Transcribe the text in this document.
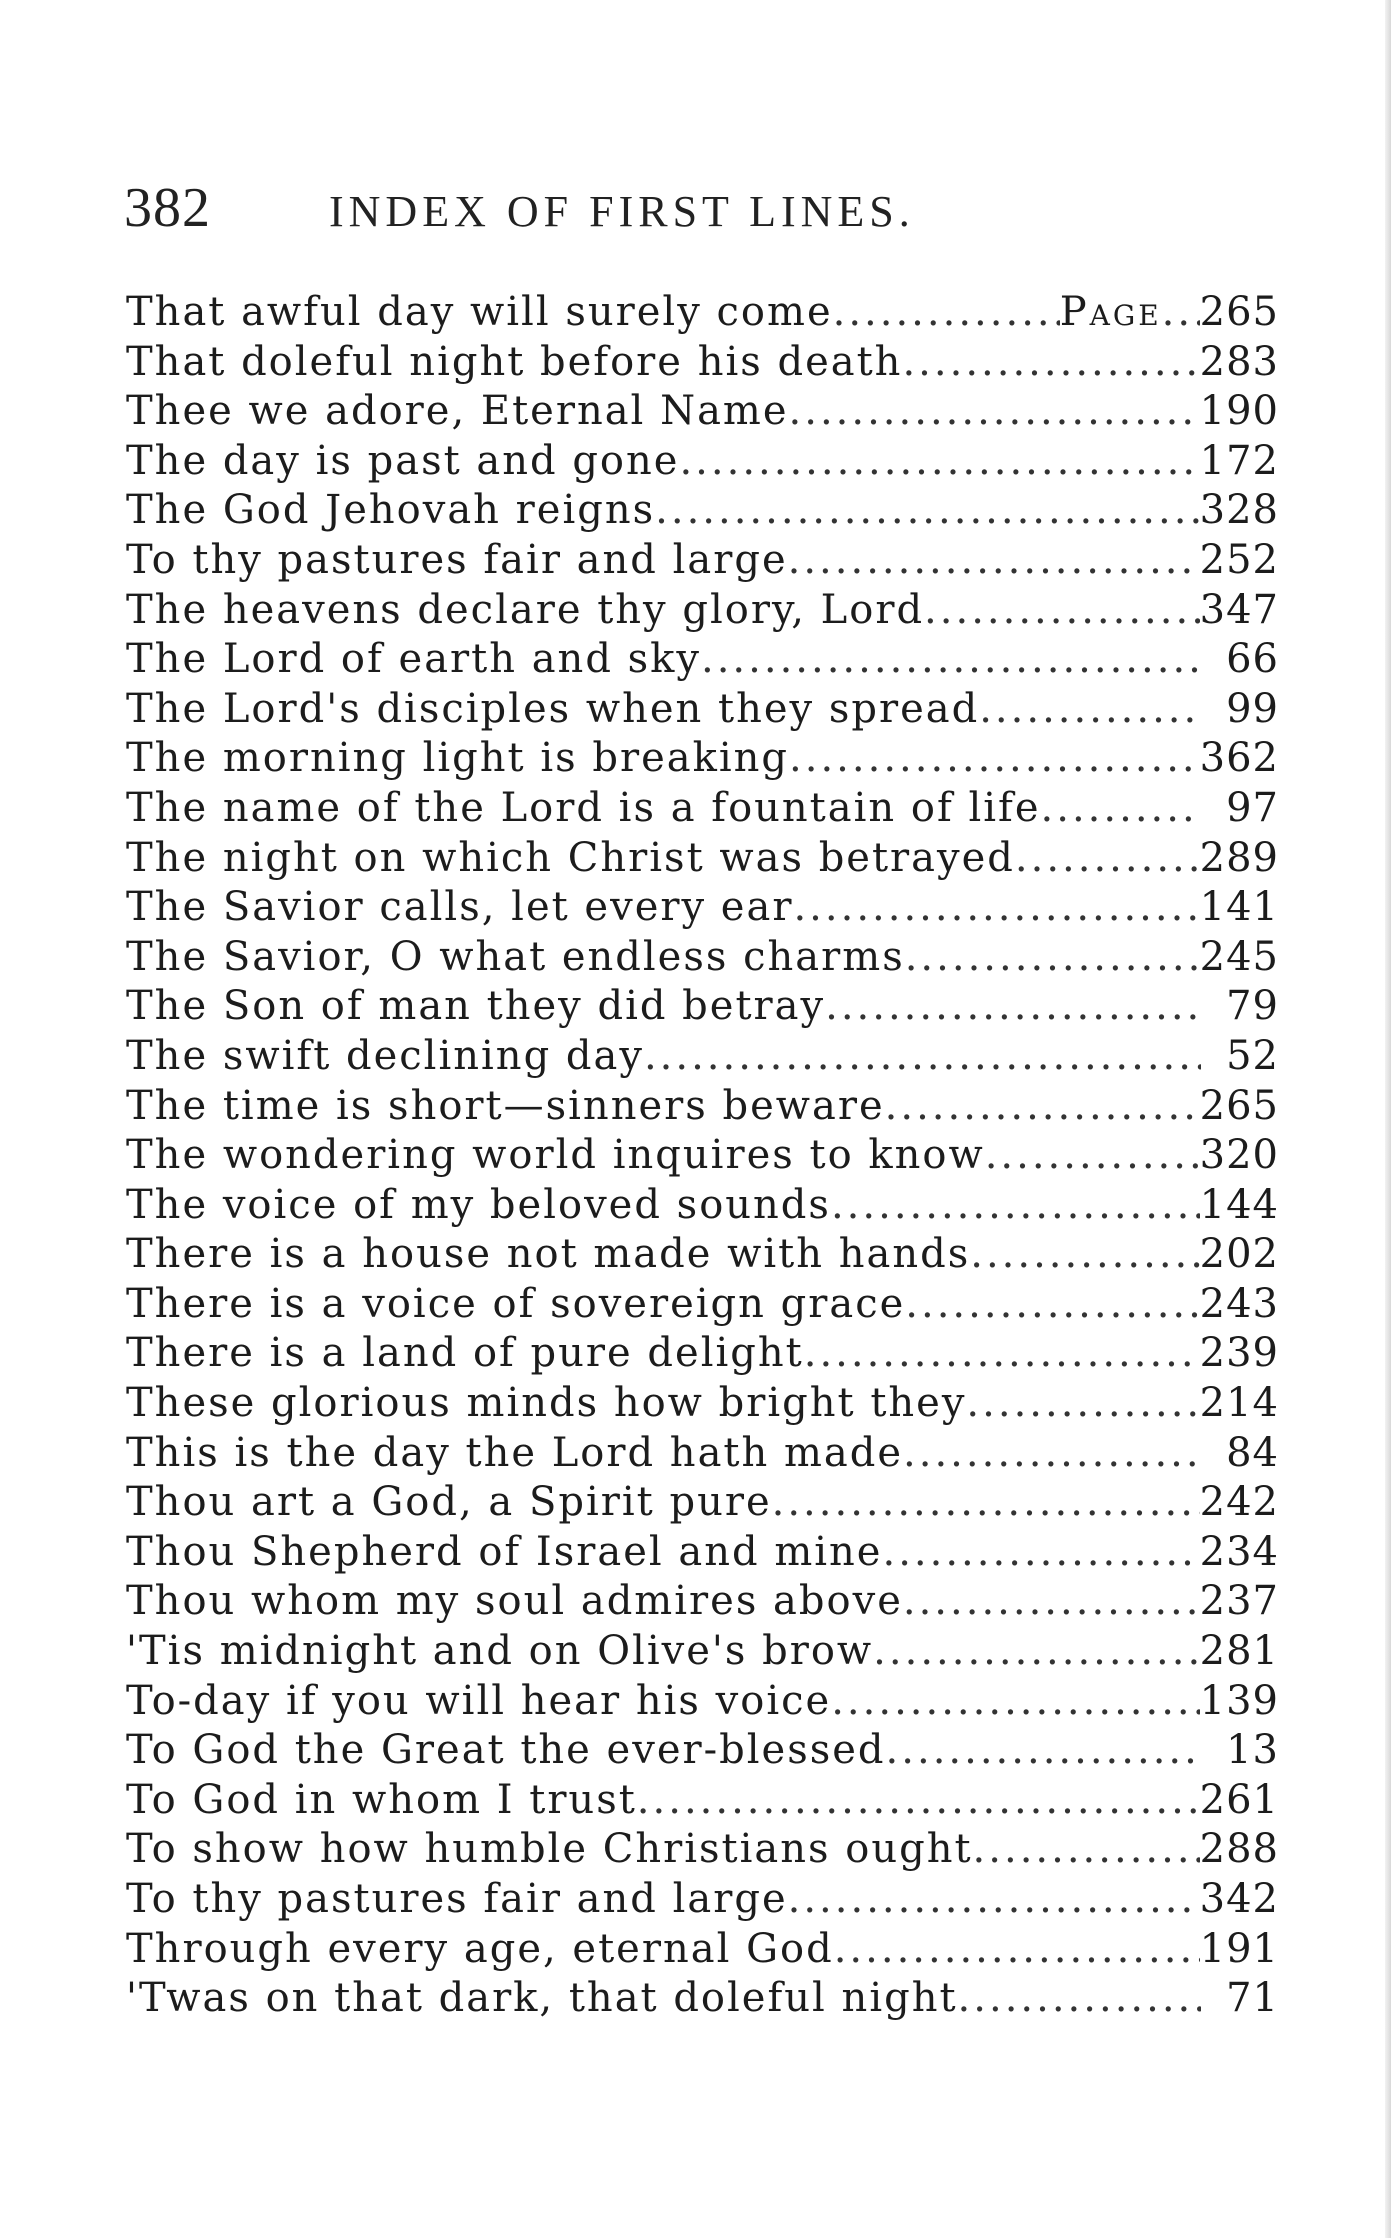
382	INDEX OF FIRST LINES.
That awful day will surely come .....	Page ..... 265
That doleful night before his death .....	283
Thee we adore, Eternal Name .....	190
The day is past and gone .....	172
The God Jehovah reigns .....	328
To thy pastures fair and large .....	252
The heavens declare thy glory, Lord .....	347
The Lord of earth and sky .....	66
The Lord's disciples when they spread .....	99
The morning light is breaking .....	362
The name of the Lord is a fountain of life .....	97
The night on which Christ was betrayed .....	289
The Savior calls, let every ear .....	141
The Savior, O what endless charms .....	245
The Son of man they did betray .....	79
The swift declining day .....	52
The time is short—sinners beware .....	265
The wondering world inquires to know .....	320
The voice of my beloved sounds .....	144
There is a house not made with hands .....	202
There is a voice of sovereign grace .....	243
There is a land of pure delight .....	239
These glorious minds how bright they .....	214
This is the day the Lord hath made .....	84
Thou art a God, a Spirit pure .....	242
Thou Shepherd of Israel and mine .....	234
Thou whom my soul admires above .....	237
'Tis midnight and on Olive's brow .....	281
To-day if you will hear his voice .....	139
To God the Great the ever-blessed .....	13
To God in whom I trust .....	261
To show how humble Christians ought .....	288
To thy pastures fair and large .....	342
Through every age, eternal God .....	191
'Twas on that dark, that doleful night .....	71
